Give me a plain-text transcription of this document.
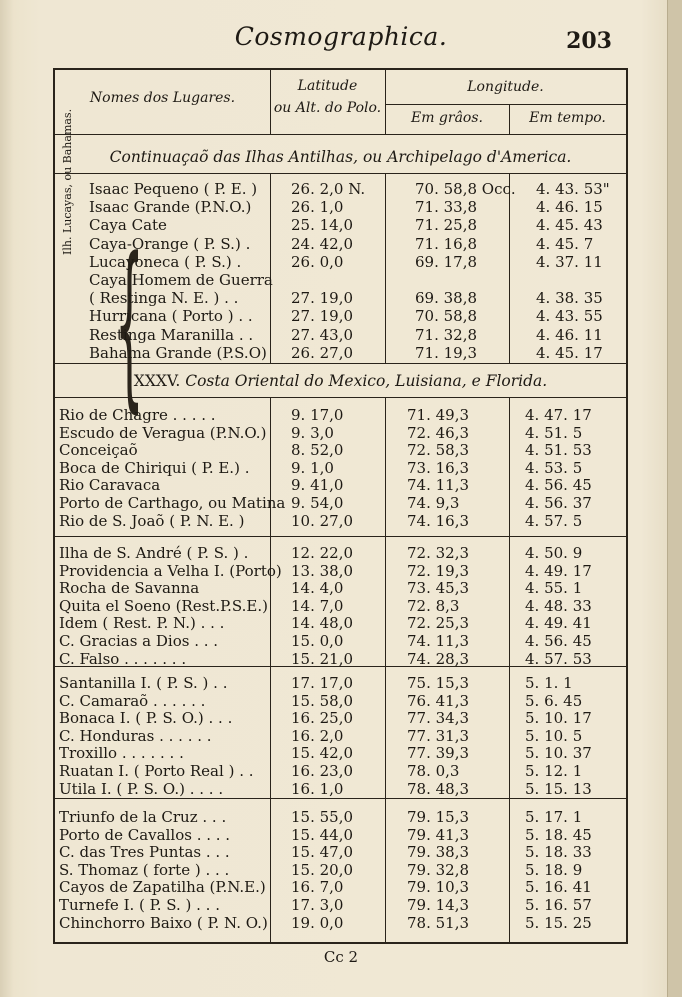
Cosmographica.	203
Nomes dos Lugares.
Latitude
ou Alt. do Polo.
Longitude.
Em grâos.	Em tempo.
Continuaçaõ das Ilhas Antilhas, ou Archipelago d'America.
Ilh. Lucayas, ou Bahamas.
{
Isaac Pequeno ( P. E. ) 26. 2,0 N.	70. 58,8 Occ. 4. 43. 53"
Isaac Grande (P.N.O.)	26. 1,0	71. 33,8	4. 46. 15
Caya Cate	25. 14,0	71. 25,8	4. 45. 43
Caya-Orange ( P. S.) .	24. 42,0	71. 16,8	4. 45. 7
Lucayoneca ( P. S.) .	26. 0,0	69. 17,8	4. 37. 11
Caya Homem de Guerra
( Restinga N. E. ) . .	27. 19,0	69. 38,8	4. 38. 35
Hurricana ( Porto ) . .	27. 19,0	70. 58,8	4. 43. 55
Restinga Maranilla . .	27. 43,0	71. 32,8	4. 46. 11
Bahama Grande (P.S.O) 26. 27,0	71. 19,3	4. 45. 17
XXXV. Costa Oriental do Mexico, Luisiana, e Florida.
Rio de Chagre . . . . .	9. 17,0	71. 49,3	4. 47. 17
Escudo de Veragua (P.N.O.) 9. 3,0	72. 46,3	4. 51. 5
Conceiçaõ	8. 52,0	72. 58,3	4. 51. 53
Boca de Chiriqui ( P. E.) .	9. 1,0	73. 16,3	4. 53. 5
Rio Caravaca	9. 41,0	74. 11,3	4. 56. 45
Porto de Carthago, ou Matina 9. 54,0	74. 9,3	4. 56. 37
Rio de S. Joaõ ( P. N. E. )	10. 27,0	74. 16,3	4. 57. 5
Ilha de S. André ( P. S. ) .	12. 22,0	72. 32,3	4. 50. 9
Providencia a Velha I. (Porto) 13. 38,0	72. 19,3	4. 49. 17
Rocha de Savanna	14. 4,0	73. 45,3	4. 55. 1
Quita el Soeno (Rest.P.S.E.) 14. 7,0	72. 8,3	4. 48. 33
Idem ( Rest. P. N.) . . .	14. 48,0	72. 25,3	4. 49. 41
C. Gracias a Dios . . .	15. 0,0	74. 11,3	4. 56. 45
C. Falso . . . . . . .	15. 21,0	74. 28,3	4. 57. 53
Santanilla I. ( P. S. ) . .	17. 17,0	75. 15,3	5. 1. 1
C. Camaraõ . . . . . .	15. 58,0	76. 41,3	5. 6. 45
Bonaca I. ( P. S. O.) . . .	16. 25,0	77. 34,3	5. 10. 17
C. Honduras . . . . . .	16. 2,0	77. 31,3	5. 10. 5
Troxillo . . . . . . .	15. 42,0	77. 39,3	5. 10. 37
Ruatan I. ( Porto Real ) . .	16. 23,0	78. 0,3	5. 12. 1
Utila I. ( P. S. O.) . . . .	16. 1,0	78. 48,3	5. 15. 13
Triunfo de la Cruz . . .	15. 55,0	79. 15,3	5. 17. 1
Porto de Cavallos . . . .	15. 44,0	79. 41,3	5. 18. 45
C. das Tres Puntas . . .	15. 47,0	79. 38,3	5. 18. 33
S. Thomaz ( forte ) . . .	15. 20,0	79. 32,8	5. 18. 9
Cayos de Zapatilha (P.N.E.) 16. 7,0	79. 10,3	5. 16. 41
Turnefe I. ( P. S. ) . . .	17. 3,0	79. 14,3	5. 16. 57
Chinchorro Baixo ( P. N. O.) 19. 0,0	78. 51,3	5. 15. 25
Cc 2
